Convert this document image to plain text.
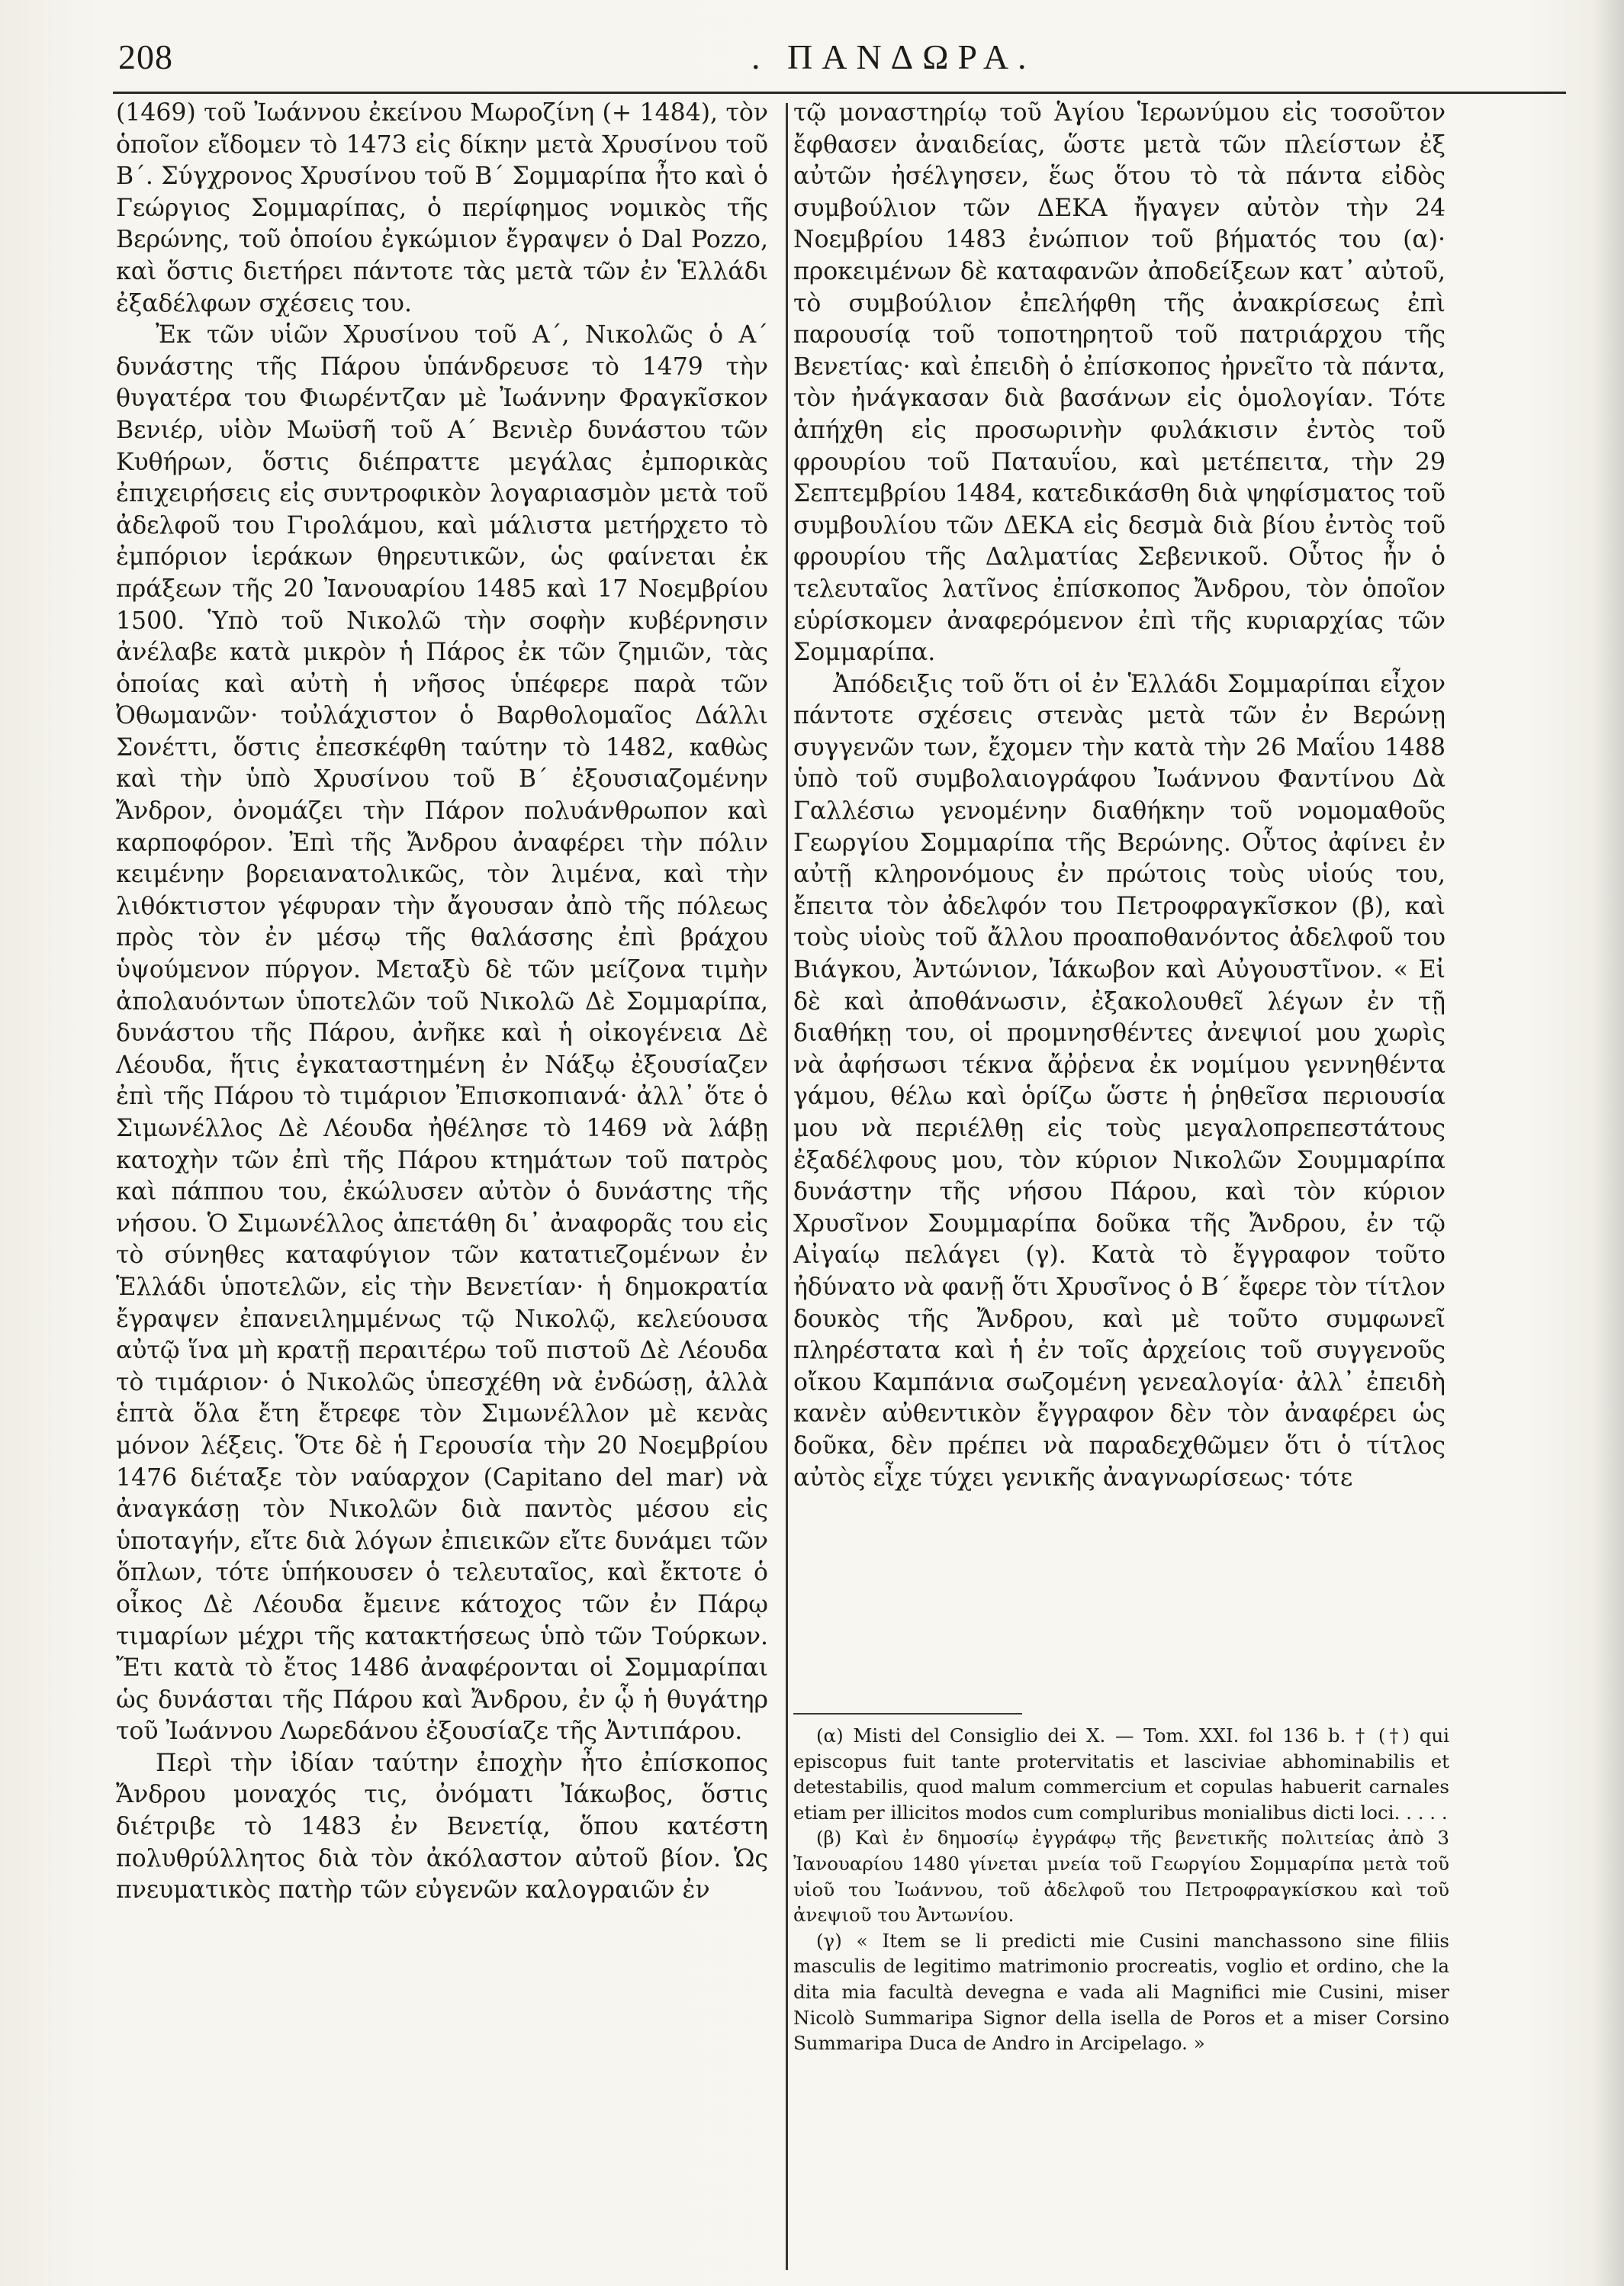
208	. ΠΑΝΔΩΡΑ.

(1469) τοῦ Ἰωάννου ἐκείνου Μωροζίνη (+ 1484), τὸν ὁποῖον εἴδομεν τὸ 1473 εἰς δίκην μετὰ Χρυσίνου τοῦ Β΄. Σύγχρονος Χρυσίνου τοῦ Β΄ Σομμαρίπα ἦτο καὶ ὁ Γεώργιος Σομμαρίπας, ὁ περίφημος νομικὸς τῆς Βερώνης, τοῦ ὁποίου ἐγκώμιον ἔγραψεν ὁ Dal Pozzo, καὶ ὅστις διετήρει πάντοτε τὰς μετὰ τῶν ἐν Ἑλλάδι ἐξαδέλφων σχέσεις του.

Ἐκ τῶν υἱῶν Χρυσίνου τοῦ Α΄, Νικολῶς ὁ Α΄ δυνάστης τῆς Πάρου ὑπάνδρευσε τὸ 1479 τὴν θυγατέρα του Φιωρέντζαν μὲ Ἰωάννην Φραγκῖσκον Βενιέρ, υἱὸν Μωϋσῆ τοῦ Α΄ Βενιὲρ δυνάστου τῶν Κυθήρων, ὅστις διέπραττε μεγάλας ἐμπορικὰς ἐπιχειρήσεις εἰς συντροφικὸν λογαριασμὸν μετὰ τοῦ ἀδελφοῦ του Γιρολάμου, καὶ μάλιστα μετήρχετο τὸ ἐμπόριον ἱεράκων θηρευτικῶν, ὡς φαίνεται ἐκ πράξεων τῆς 20 Ἰανουαρίου 1485 καὶ 17 Νοεμβρίου 1500. Ὑπὸ τοῦ Νικολῶ τὴν σοφὴν κυβέρνησιν ἀνέλαβε κατὰ μικρὸν ἡ Πάρος ἐκ τῶν ζημιῶν, τὰς ὁποίας καὶ αὐτὴ ἡ νῆσος ὑπέφερε παρὰ τῶν Ὀθωμανῶν· τοὐλάχιστον ὁ Βαρθολομαῖος Δάλλι Σονέττι, ὅστις ἐπεσκέφθη ταύτην τὸ 1482, καθὼς καὶ τὴν ὑπὸ Χρυσίνου τοῦ Β΄ ἐξουσιαζομένην Ἄνδρον, ὀνομάζει τὴν Πάρον πολυάνθρωπον καὶ καρποφόρον. Ἐπὶ τῆς Ἄνδρου ἀναφέρει τὴν πόλιν κειμένην βορειανατολικῶς, τὸν λιμένα, καὶ τὴν λιθόκτιστον γέφυραν τὴν ἄγουσαν ἀπὸ τῆς πόλεως πρὸς τὸν ἐν μέσῳ τῆς θαλάσσης ἐπὶ βράχου ὑψούμενον πύργον. Μεταξὺ δὲ τῶν μείζονα τιμὴν ἀπολαυόντων ὑποτελῶν τοῦ Νικολῶ Δὲ Σομμαρίπα, δυνάστου τῆς Πάρου, ἀνῆκε καὶ ἡ οἰκογένεια Δὲ Λέουδα, ἥτις ἐγκαταστημένη ἐν Νάξῳ ἐξουσίαζεν ἐπὶ τῆς Πάρου τὸ τιμάριον Ἐπισκοπιανά· ἀλλ᾽ ὅτε ὁ Σιμωνέλλος Δὲ Λέουδα ἠθέλησε τὸ 1469 νὰ λάβῃ κατοχὴν τῶν ἐπὶ τῆς Πάρου κτημάτων τοῦ πατρὸς καὶ πάππου του, ἐκώλυσεν αὐτὸν ὁ δυνάστης τῆς νήσου. Ὁ Σιμωνέλλος ἀπετάθη δι᾽ ἀναφορᾶς του εἰς τὸ σύνηθες καταφύγιον τῶν κατατιεζομένων ἐν Ἑλλάδι ὑποτελῶν, εἰς τὴν Βενετίαν· ἡ δημοκρατία ἔγραψεν ἐπανειλημμένως τῷ Νικολῷ, κελεύουσα αὐτῷ ἵνα μὴ κρατῇ περαιτέρω τοῦ πιστοῦ Δὲ Λέουδα τὸ τιμάριον· ὁ Νικολῶς ὑπεσχέθη νὰ ἐνδώσῃ, ἀλλὰ ἑπτὰ ὅλα ἔτη ἔτρεφε τὸν Σιμωνέλλον μὲ κενὰς μόνον λέξεις. Ὅτε δὲ ἡ Γερουσία τὴν 20 Νοεμβρίου 1476 διέταξε τὸν ναύαρχον (Capitano del mar) νὰ ἀναγκάσῃ τὸν Νικολῶν διὰ παντὸς μέσου εἰς ὑποταγήν, εἴτε διὰ λόγων ἐπιεικῶν εἴτε δυνάμει τῶν ὅπλων, τότε ὑπήκουσεν ὁ τελευταῖος, καὶ ἔκτοτε ὁ οἶκος Δὲ Λέουδα ἔμεινε κάτοχος τῶν ἐν Πάρῳ τιμαρίων μέχρι τῆς κατακτήσεως ὑπὸ τῶν Τούρκων. Ἔτι κατὰ τὸ ἔτος 1486 ἀναφέρονται οἱ Σομμαρίπαι ὡς δυνάσται τῆς Πάρου καὶ Ἄνδρου, ἐν ᾧ ἡ θυγάτηρ τοῦ Ἰωάννου Λωρεδάνου ἐξουσίαζε τῆς Ἀντιπάρου.

Περὶ τὴν ἰδίαν ταύτην ἐποχὴν ἦτο ἐπίσκοπος Ἄνδρου μοναχός τις, ὀνόματι Ἰάκωβος, ὅστις διέτριβε τὸ 1483 ἐν Βενετίᾳ, ὅπου κατέστη πολυθρύλλητος διὰ τὸν ἀκόλαστον αὐτοῦ βίον. Ὡς πνευματικὸς πατὴρ τῶν εὐγενῶν καλογραιῶν ἐν

τῷ μοναστηρίῳ τοῦ Ἁγίου Ἱερωνύμου εἰς τοσοῦτον ἔφθασεν ἀναιδείας, ὥστε μετὰ τῶν πλείστων ἐξ αὐτῶν ἠσέλγησεν, ἕως ὅτου τὸ τὰ πάντα εἰδὸς συμβούλιον τῶν ΔΕΚΑ ἤγαγεν αὐτὸν τὴν 24 Νοεμβρίου 1483 ἐνώπιον τοῦ βήματός του (α)· προκειμένων δὲ καταφανῶν ἀποδείξεων κατ᾽ αὐτοῦ, τὸ συμβούλιον ἐπελήφθη τῆς ἀνακρίσεως ἐπὶ παρουσίᾳ τοῦ τοποτηρητοῦ τοῦ πατριάρχου τῆς Βενετίας· καὶ ἐπειδὴ ὁ ἐπίσκοπος ἠρνεῖτο τὰ πάντα, τὸν ἠνάγκασαν διὰ βασάνων εἰς ὁμολογίαν. Τότε ἀπήχθη εἰς προσωρινὴν φυλάκισιν ἐντὸς τοῦ φρουρίου τοῦ Παταυΐου, καὶ μετέπειτα, τὴν 29 Σεπτεμβρίου 1484, κατεδικάσθη διὰ ψηφίσματος τοῦ συμβουλίου τῶν ΔΕΚΑ εἰς δεσμὰ διὰ βίου ἐντὸς τοῦ φρουρίου τῆς Δαλματίας Σεβενικοῦ. Οὗτος ἦν ὁ τελευταῖος λατῖνος ἐπίσκοπος Ἄνδρου, τὸν ὁποῖον εὑρίσκομεν ἀναφερόμενον ἐπὶ τῆς κυριαρχίας τῶν Σομμαρίπα.

Ἀπόδειξις τοῦ ὅτι οἱ ἐν Ἑλλάδι Σομμαρίπαι εἶχον πάντοτε σχέσεις στενὰς μετὰ τῶν ἐν Βερώνῃ συγγενῶν των, ἔχομεν τὴν κατὰ τὴν 26 Μαΐου 1488 ὑπὸ τοῦ συμβολαιογράφου Ἰωάννου Φαντίνου Δὰ Γαλλέσιω γενομένην διαθήκην τοῦ νομομαθοῦς Γεωργίου Σομμαρίπα τῆς Βερώνης. Οὗτος ἀφίνει ἐν αὐτῇ κληρονόμους ἐν πρώτοις τοὺς υἱούς του, ἔπειτα τὸν ἀδελφόν του Πετροφραγκῖσκον (β), καὶ τοὺς υἱοὺς τοῦ ἄλλου προαποθανόντος ἀδελφοῦ του Βιάγκου, Ἀντώνιον, Ἰάκωβον καὶ Αὐγουστῖνον. « Εἰ δὲ καὶ ἀποθάνωσιν, ἐξακολουθεῖ λέγων ἐν τῇ διαθήκῃ του, οἱ προμνησθέντες ἀνεψιοί μου χωρὶς νὰ ἀφήσωσι τέκνα ἄῤῥενα ἐκ νομίμου γεννηθέντα γάμου, θέλω καὶ ὁρίζω ὥστε ἡ ῥηθεῖσα περιουσία μου νὰ περιέλθῃ εἰς τοὺς μεγαλοπρεπεστάτους ἐξαδέλφους μου, τὸν κύριον Νικολῶν Σουμμαρίπα δυνάστην τῆς νήσου Πάρου, καὶ τὸν κύριον Χρυσῖνον Σουμμαρίπα δοῦκα τῆς Ἄνδρου, ἐν τῷ Αἰγαίῳ πελάγει (γ). Κατὰ τὸ ἔγγραφον τοῦτο ἠδύνατο νὰ φανῇ ὅτι Χρυσῖνος ὁ Β΄ ἔφερε τὸν τίτλον δουκὸς τῆς Ἄνδρου, καὶ μὲ τοῦτο συμφωνεῖ πληρέστατα καὶ ἡ ἐν τοῖς ἀρχείοις τοῦ συγγενοῦς οἴκου Καμπάνια σωζομένη γενεαλογία· ἀλλ᾽ ἐπειδὴ κανὲν αὐθεντικὸν ἔγγραφον δὲν τὸν ἀναφέρει ὡς δοῦκα, δὲν πρέπει νὰ παραδεχθῶμεν ὅτι ὁ τίτλος αὐτὸς εἶχε τύχει γενικῆς ἀναγνωρίσεως· τότε

(α) Misti del Consiglio dei X. — Tom. XXI. fol 136 b. † (†) qui episcopus fuit tante protervitatis et lasciviae abhominabilis et detestabilis, quod malum commercium et copulas habuerit carnales etiam per illicitos modos cum compluribus monialibus dicti loci. . . . .

(β) Καὶ ἐν δημοσίῳ ἐγγράφῳ τῆς βενετικῆς πολιτείας ἀπὸ 3 Ἰανουαρίου 1480 γίνεται μνεία τοῦ Γεωργίου Σομμαρίπα μετὰ τοῦ υἱοῦ του Ἰωάννου, τοῦ ἀδελφοῦ του Πετροφραγκίσκου καὶ τοῦ ἀνεψιοῦ του Ἀντωνίου.

(γ) « Item se li predicti mie Cusini manchassono sine filiis masculis de legitimo matrimonio procreatis, voglio et ordino, che la dita mia facultà devegna e vada ali Magnifici mie Cusini, miser Nicolò Summaripa Signor della isella de Poros et a miser Corsino Summaripa Duca de Andro in Arcipelago. »
